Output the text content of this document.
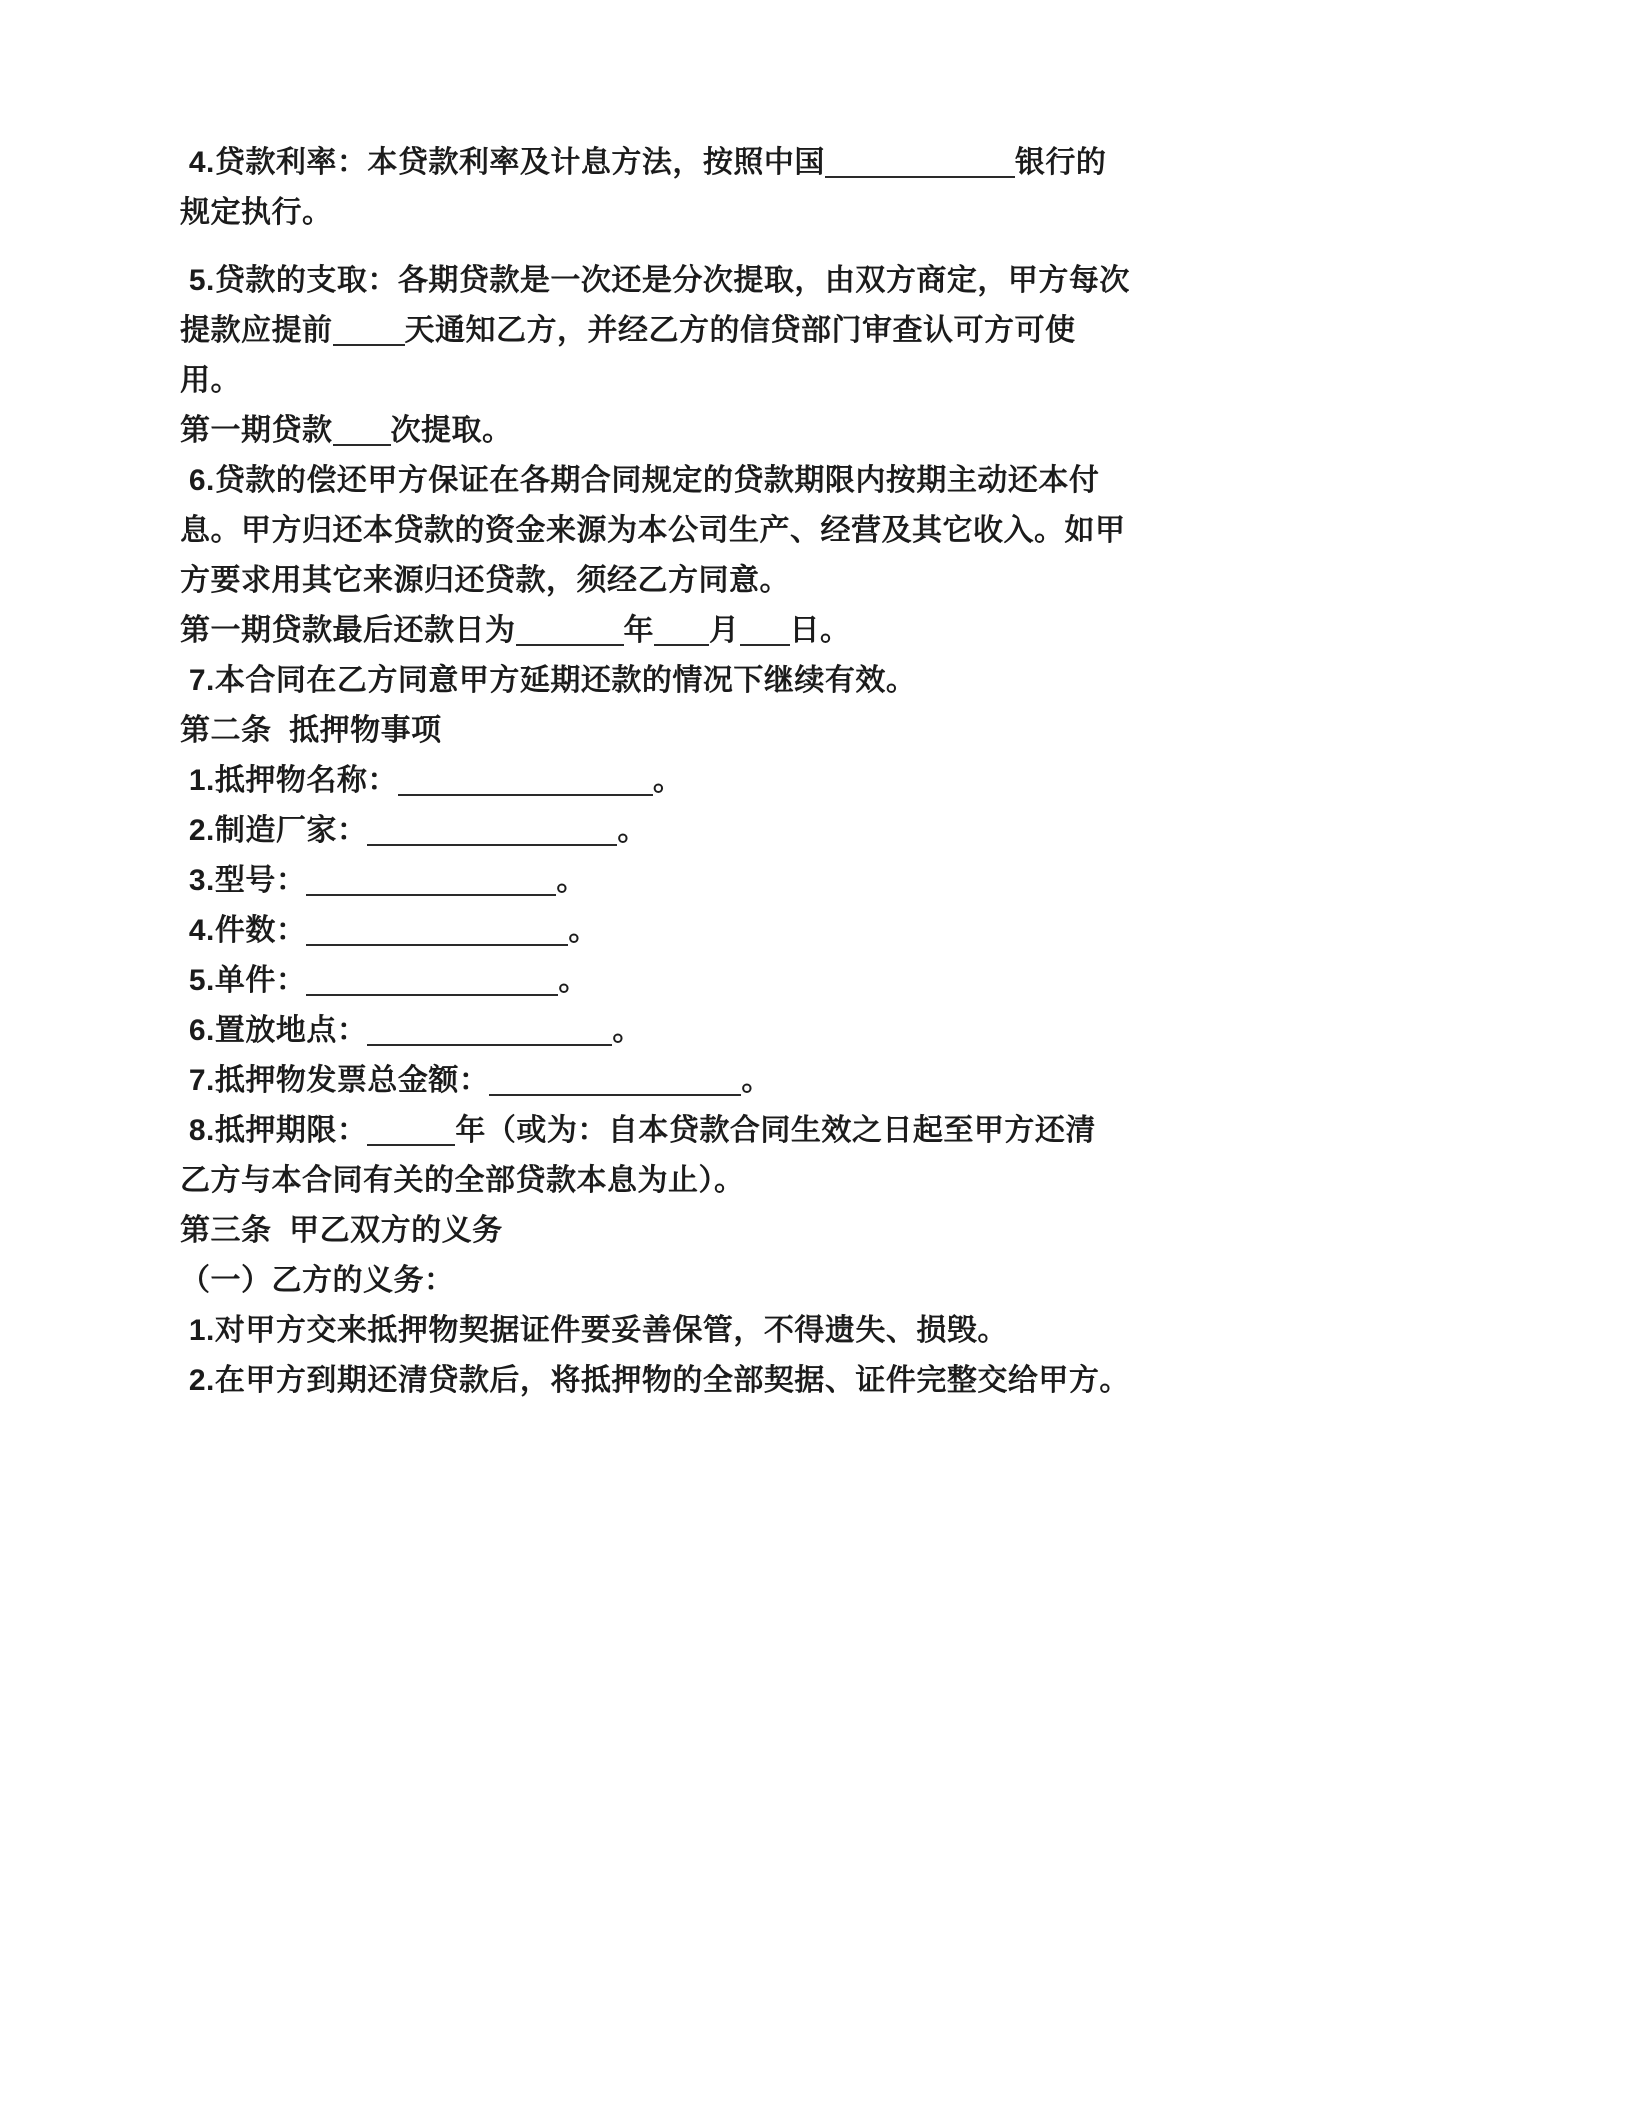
4.贷款利率：本贷款利率及计息方法，按照中国	银行的
规定执行。
5.贷款的支取：各期贷款是一次还是分次提取，由双方商定，甲方每次
提款应提前 天通知乙方，并经乙方的信贷部门审查认可方可使
用。
第一期贷款 次提取。
6.贷款的偿还甲方保证在各期合同规定的贷款期限内按期主动还本付
息。甲方归还本贷款的资金来源为本公司生产、经营及其它收入。如甲
方要求用其它来源归还贷款，须经乙方同意。
第一期贷款最后还款日为	年 月 日。
7.本合同在乙方同意甲方延期还款的情况下继续有效。
第二条  抵押物事项
1.抵押物名称：	。
2.制造厂家：	。
3.型号：	。
4.件数：	。
5.单件：	。
6.置放地点：	。
7.抵押物发票总金额：	。
8.抵押期限：	年（或为：自本贷款合同生效之日起至甲方还清
乙方与本合同有关的全部贷款本息为止）。
第三条  甲乙双方的义务
（一）乙方的义务：
1.对甲方交来抵押物契据证件要妥善保管，不得遗失、损毁。
2.在甲方到期还清贷款后，将抵押物的全部契据、证件完整交给甲方。
